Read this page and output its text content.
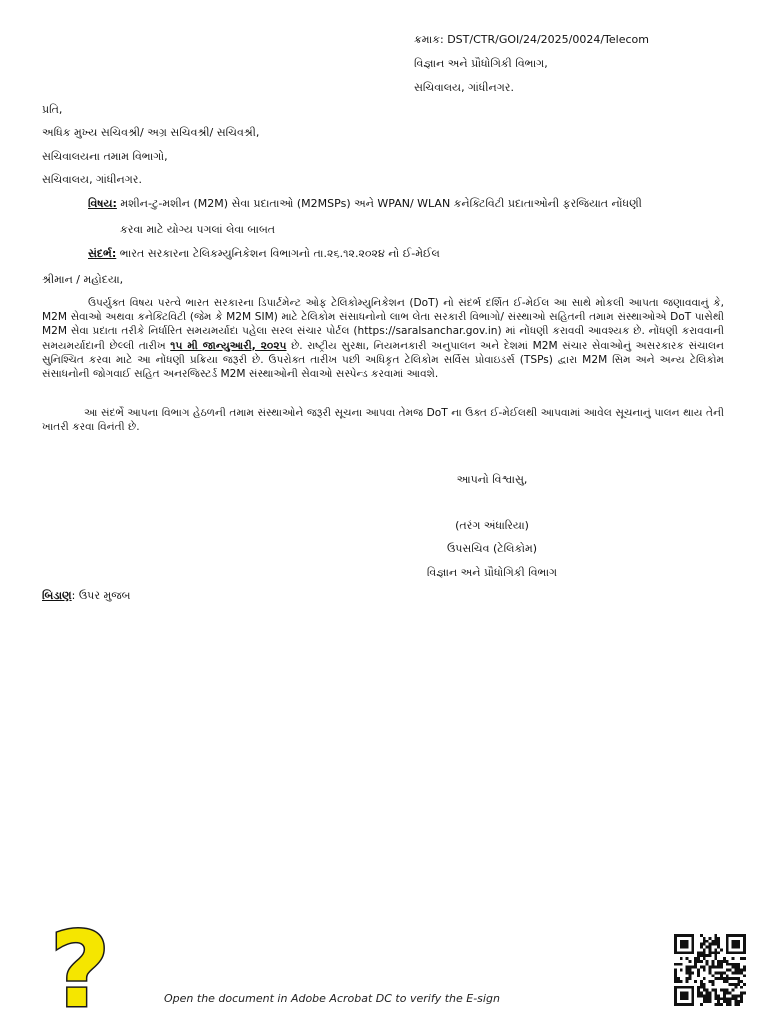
ક્રમાક: DST/CTR/GOI/24/2025/0024/Telecom
વિજ્ઞાન અને પ્રૌધોગિકી વિભાગ,
સચિવાલય, ગાંધીનગર.
પ્રતિ,
અધિક મુખ્ય સચિવશ્રી/ અગ્ર સચિવશ્રી/ સચિવશ્રી,
સચિવાલયના તમામ વિભાગો,
સચિવાલય, ગાંધીનગર.
વિષય: મશીન-ટુ-મશીન (M2M) સેવા પ્રદાતાઓ (M2MSPs) અને WPAN/ WLAN કનેક્ટિવિટી પ્રદાતાઓની ફરજિયાત નોંધણી
કરવા માટે યોગ્ય પગલાં લેવા બાબત
સંદર્ભ: ભારત સરકારના ટેલિકમ્યુનિકેશન વિભાગનો તા.૨૬.૧૨.૨૦૨૪ નો ઈ-મેઈલ
શ્રીમાન / મહોદયા,
ઉપર્યુક્ત વિષય પરત્વે ભારત સરકારના ડિપાર્ટમેન્ટ ઓફ ટેલિકોમ્યુનિકેશન (DoT) નો સંદર્ભ દર્શિત ઈ-મેઈલ આ સાથે મોકલી આપતા જણાવવાનું કે, M2M સેવાઓ અથવા કનેક્ટિવિટી (જેમ કે M2M SIM) માટે ટેલિકોમ સંસાધનોનો લાભ લેતા સરકારી વિભાગો/ સંસ્થાઓ સહિતની તમામ સંસ્થાઓએ DoT પાસેથી M2M સેવા પ્રદાતા તરીકે નિર્ધારિત સમયમર્યાદા પહેલા સરલ સંચાર પોર્ટલ (https://saralsanchar.gov.in) માં નોંધણી કરાવવી આવશ્યક છે. નોંધણી કરાવવાની સમયમર્યાદાની છેલ્લી તારીખ ૧૫ મી જાન્યુઆરી, ૨૦૨૫ છે. રાષ્ટ્રીય સુરક્ષા, નિયમનકારી અનુપાલન અને દેશમાં M2M સંચાર સેવાઓનું અસરકારક સંચાલન સુનિશ્ચિત કરવા માટે આ નોંધણી પ્રક્રિયા જરૂરી છે. ઉપરોક્ત તારીખ પછી અધિકૃત ટેલિકોમ સર્વિસ પ્રોવાઇડર્સ (TSPs) દ્વારા M2M સિમ અને અન્ય ટેલિકોમ સંસાધનોની જોગવાઈ સહિત અનરજિસ્ટર્ડ M2M સંસ્થાઓની સેવાઓ સસ્પેન્ડ કરવામાં આવશે.
આ સંદર્ભે આપના વિભાગ હેઠળની તમામ સંસ્થાઓને જરૂરી સૂચના આપવા તેમજ DoT ના ઉક્ત ઈ-મેઈલથી આપવામાં આવેલ સૂચનાનું પાલન થાય તેની ખાતરી કરવા વિનંતી છે.
આપનો વિશ્વાસુ,
(તરંગ અંધારિયા)
ઉપસચિવ (ટેલિકોમ)
વિજ્ઞાન અને પ્રૌધોગિકી વિભાગ
બિડાણ: ઉપર મુજબ
?	Open the document in Adobe Acrobat DC to verify the E-sign
